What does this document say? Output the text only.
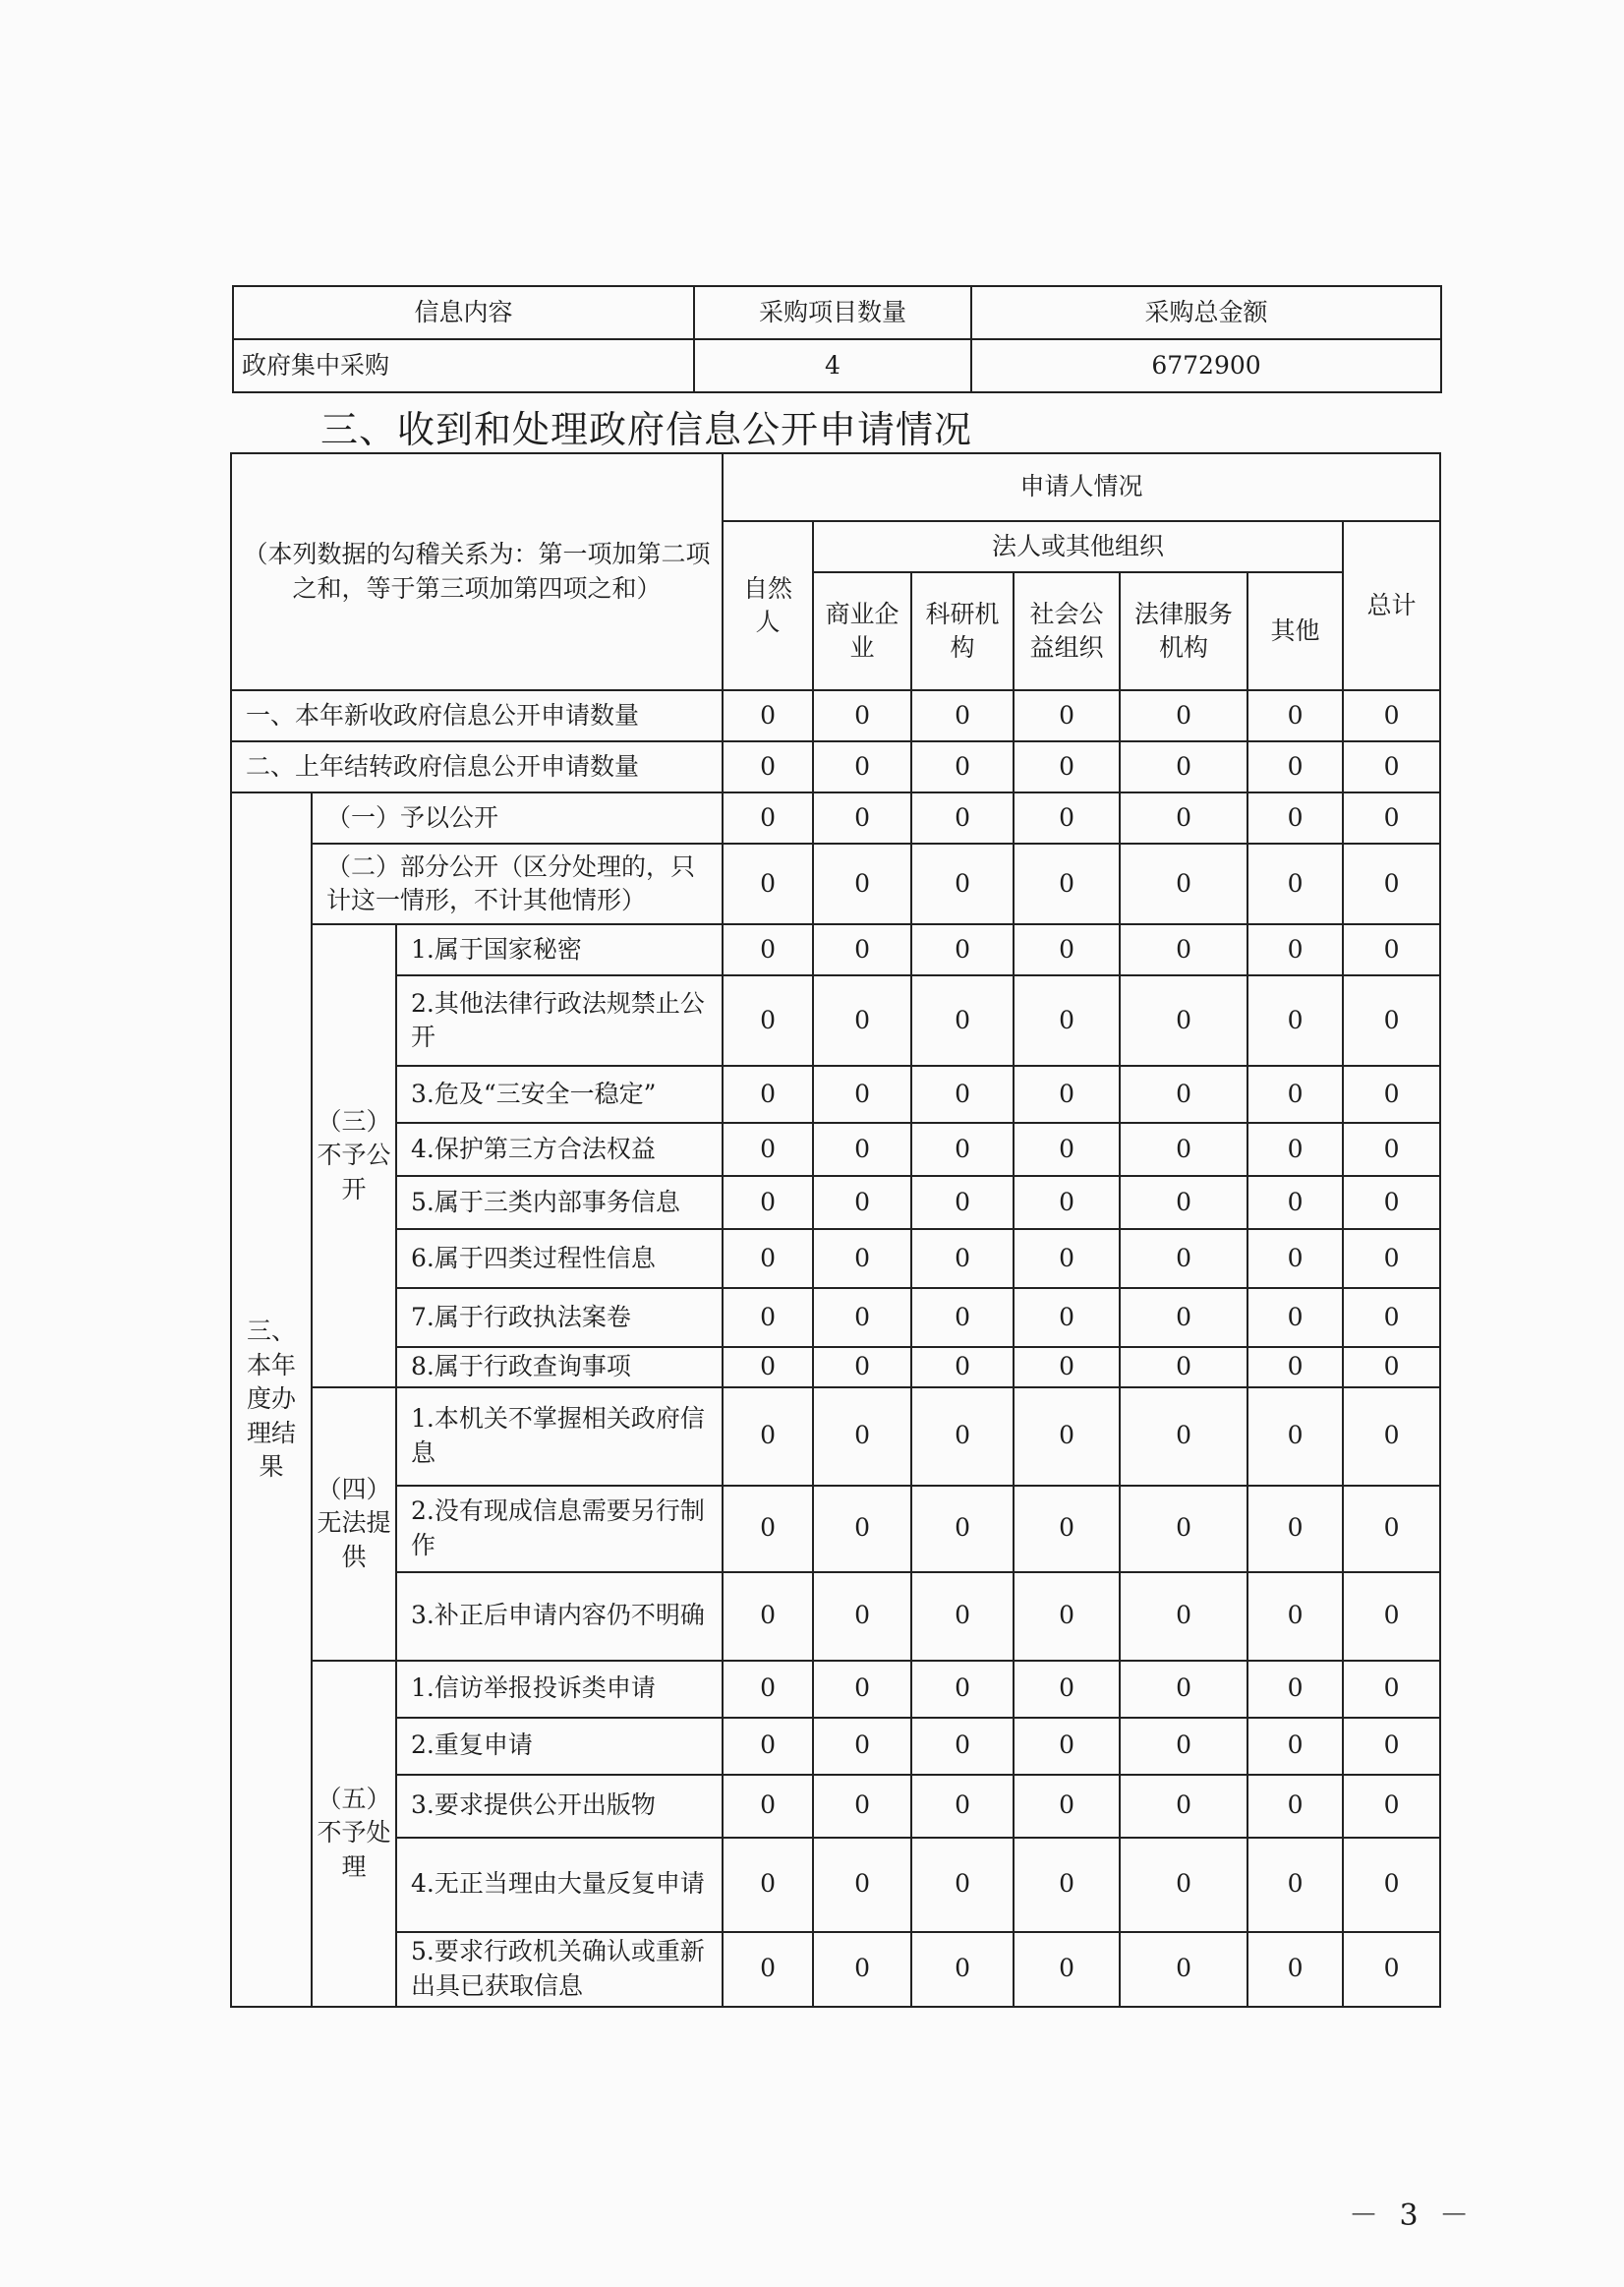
信息内容	采购项目数量	采购总金额
政府集中采购	4	6772900
三、收到和处理政府信息公开申请情况
（本列数据的勾稽关系为：第一项加第二项之和，等于第三项加第四项之和）			申请人情况						
			自然人	法人或其他组织					总计
				商业企业	科研机构	社会公益组织	法律服务机构	其他	
一、本年新收政府信息公开申请数量			0	0	0	0	0	0	0
二、上年结转政府信息公开申请数量			0	0	0	0	0	0	0
三、本年度办理结果	（一）予以公开		0	0	0	0	0	0	0
	（二）部分公开（区分处理的，只计这一情形，不计其他情形）		0	0	0	0	0	0	0
	（三）不予公开	1.属于国家秘密	0	0	0	0	0	0	0
		2.其他法律行政法规禁止公开	0	0	0	0	0	0	0
		3.危及“三安全一稳定”	0	0	0	0	0	0	0
		4.保护第三方合法权益	0	0	0	0	0	0	0
		5.属于三类内部事务信息	0	0	0	0	0	0	0
		6.属于四类过程性信息	0	0	0	0	0	0	0
		7.属于行政执法案卷	0	0	0	0	0	0	0
		8.属于行政查询事项	0	0	0	0	0	0	0
	（四）无法提供	1.本机关不掌握相关政府信息	0	0	0	0	0	0	0
		2.没有现成信息需要另行制作	0	0	0	0	0	0	0
		3.补正后申请内容仍不明确	0	0	0	0	0	0	0
	（五）不予处理	1.信访举报投诉类申请	0	0	0	0	0	0	0
		2.重复申请	0	0	0	0	0	0	0
		3.要求提供公开出版物	0	0	0	0	0	0	0
		4.无正当理由大量反复申请	0	0	0	0	0	0	0
		5.要求行政机关确认或重新出具已获取信息	0	0	0	0	0	0	0
－ 3 －
